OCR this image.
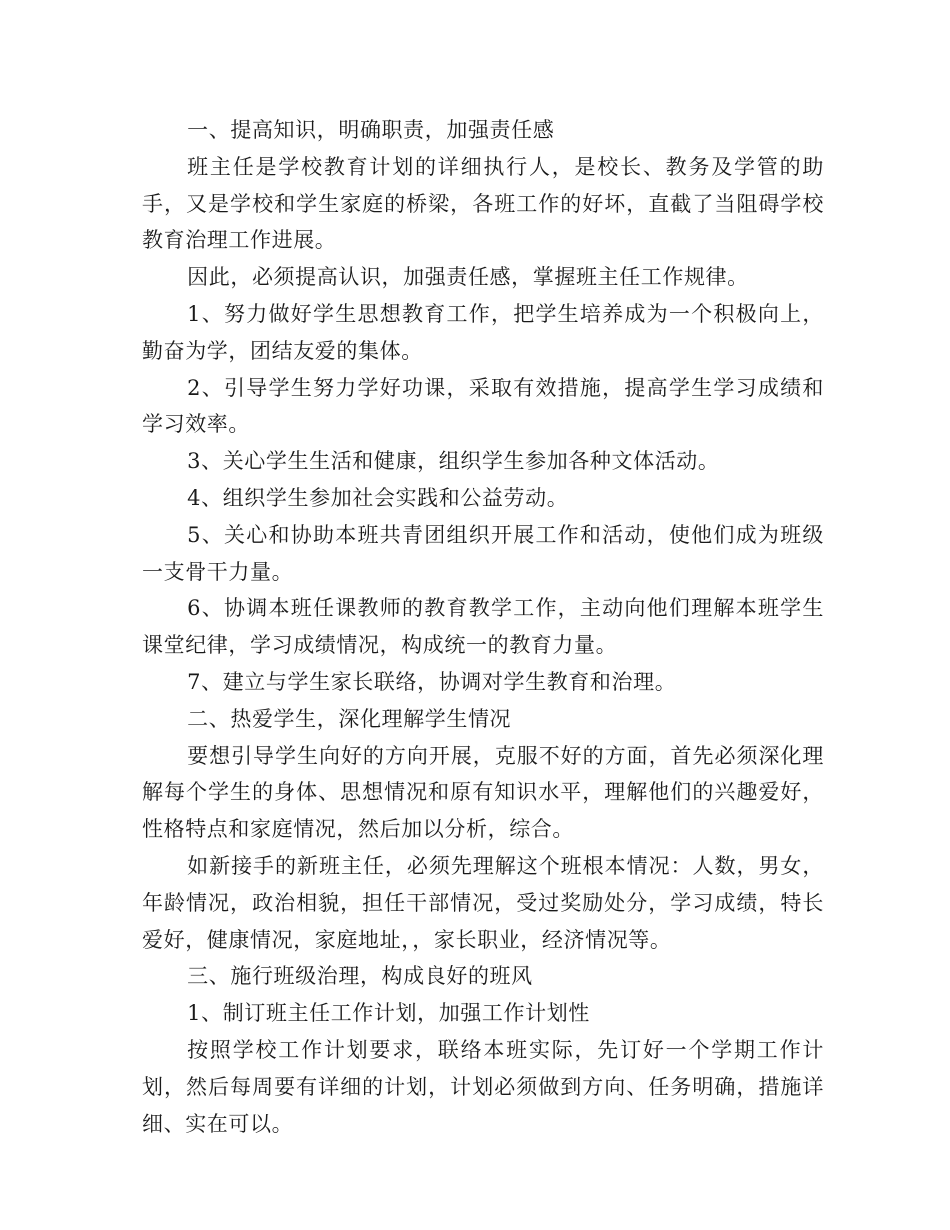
一、提高知识，明确职责，加强责任感

班主任是学校教育计划的详细执行人，是校长、教务及学管的助手，又是学校和学生家庭的桥梁，各班工作的好坏，直截了当阻碍学校教育治理工作进展。

因此，必须提高认识，加强责任感，掌握班主任工作规律。

1、努力做好学生思想教育工作，把学生培养成为一个积极向上，勤奋为学，团结友爱的集体。

2、引导学生努力学好功课，采取有效措施，提高学生学习成绩和学习效率。

3、关心学生生活和健康，组织学生参加各种文体活动。

4、组织学生参加社会实践和公益劳动。

5、关心和协助本班共青团组织开展工作和活动，使他们成为班级一支骨干力量。

6、协调本班任课教师的教育教学工作，主动向他们理解本班学生课堂纪律，学习成绩情况，构成统一的教育力量。

7、建立与学生家长联络，协调对学生教育和治理。

二、热爱学生，深化理解学生情况

要想引导学生向好的方向开展，克服不好的方面，首先必须深化理解每个学生的身体、思想情况和原有知识水平，理解他们的兴趣爱好，性格特点和家庭情况，然后加以分析，综合。

如新接手的新班主任，必须先理解这个班根本情况：人数，男女，年龄情况，政治相貌，担任干部情况，受过奖励处分，学习成绩，特长爱好，健康情况，家庭地址，，家长职业，经济情况等。

三、施行班级治理，构成良好的班风

1、制订班主任工作计划，加强工作计划性

按照学校工作计划要求，联络本班实际，先订好一个学期工作计划，然后每周要有详细的计划，计划必须做到方向、任务明确，措施详细、实在可以。
